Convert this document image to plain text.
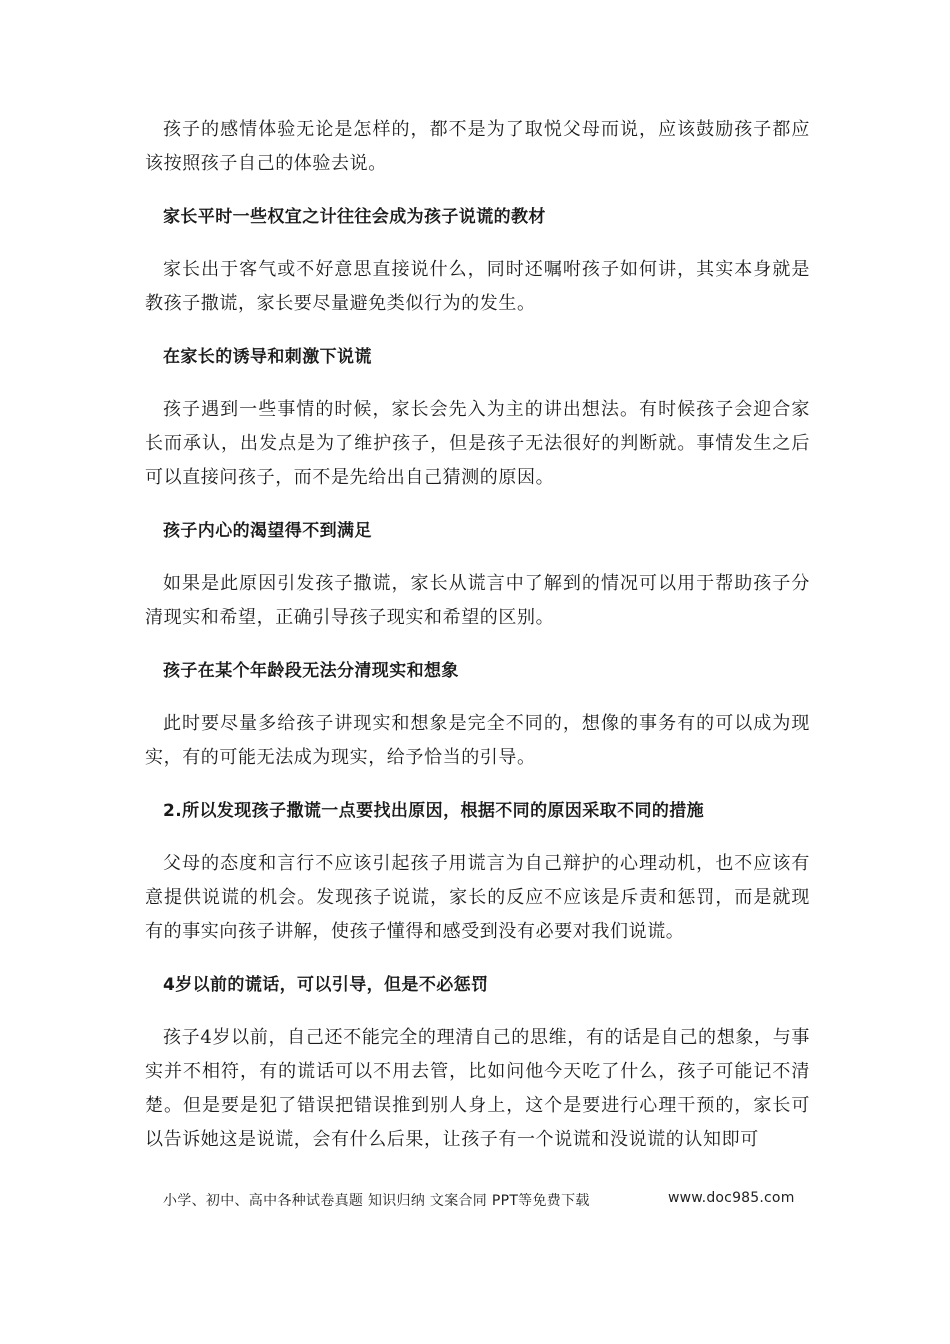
孩子的感情体验无论是怎样的，都不是为了取悦父母而说，应该鼓励孩子都应该按照孩子自己的体验去说。

家长平时一些权宜之计往往会成为孩子说谎的教材

家长出于客气或不好意思直接说什么，同时还嘱咐孩子如何讲，其实本身就是教孩子撒谎，家长要尽量避免类似行为的发生。

在家长的诱导和刺激下说谎

孩子遇到一些事情的时候，家长会先入为主的讲出想法。有时候孩子会迎合家长而承认，出发点是为了维护孩子，但是孩子无法很好的判断就。事情发生之后可以直接问孩子，而不是先给出自己猜测的原因。

孩子内心的渴望得不到满足

如果是此原因引发孩子撒谎，家长从谎言中了解到的情况可以用于帮助孩子分清现实和希望，正确引导孩子现实和希望的区别。

孩子在某个年龄段无法分清现实和想象

此时要尽量多给孩子讲现实和想象是完全不同的，想像的事务有的可以成为现实，有的可能无法成为现实，给予恰当的引导。

2.所以发现孩子撒谎一点要找出原因，根据不同的原因采取不同的措施

父母的态度和言行不应该引起孩子用谎言为自己辩护的心理动机，也不应该有意提供说谎的机会。发现孩子说谎，家长的反应不应该是斥责和惩罚，而是就现有的事实向孩子讲解，使孩子懂得和感受到没有必要对我们说谎。

4岁以前的谎话，可以引导，但是不必惩罚

孩子4岁以前，自己还不能完全的理清自己的思维，有的话是自己的想象，与事实并不相符，有的谎话可以不用去管，比如问他今天吃了什么，孩子可能记不清楚。但是要是犯了错误把错误推到别人身上，这个是要进行心理干预的，家长可以告诉她这是说谎，会有什么后果，让孩子有一个说谎和没说谎的认知即可

小学、初中、高中各种试卷真题 知识归纳 文案合同 PPT等免费下载	www.doc985.com
